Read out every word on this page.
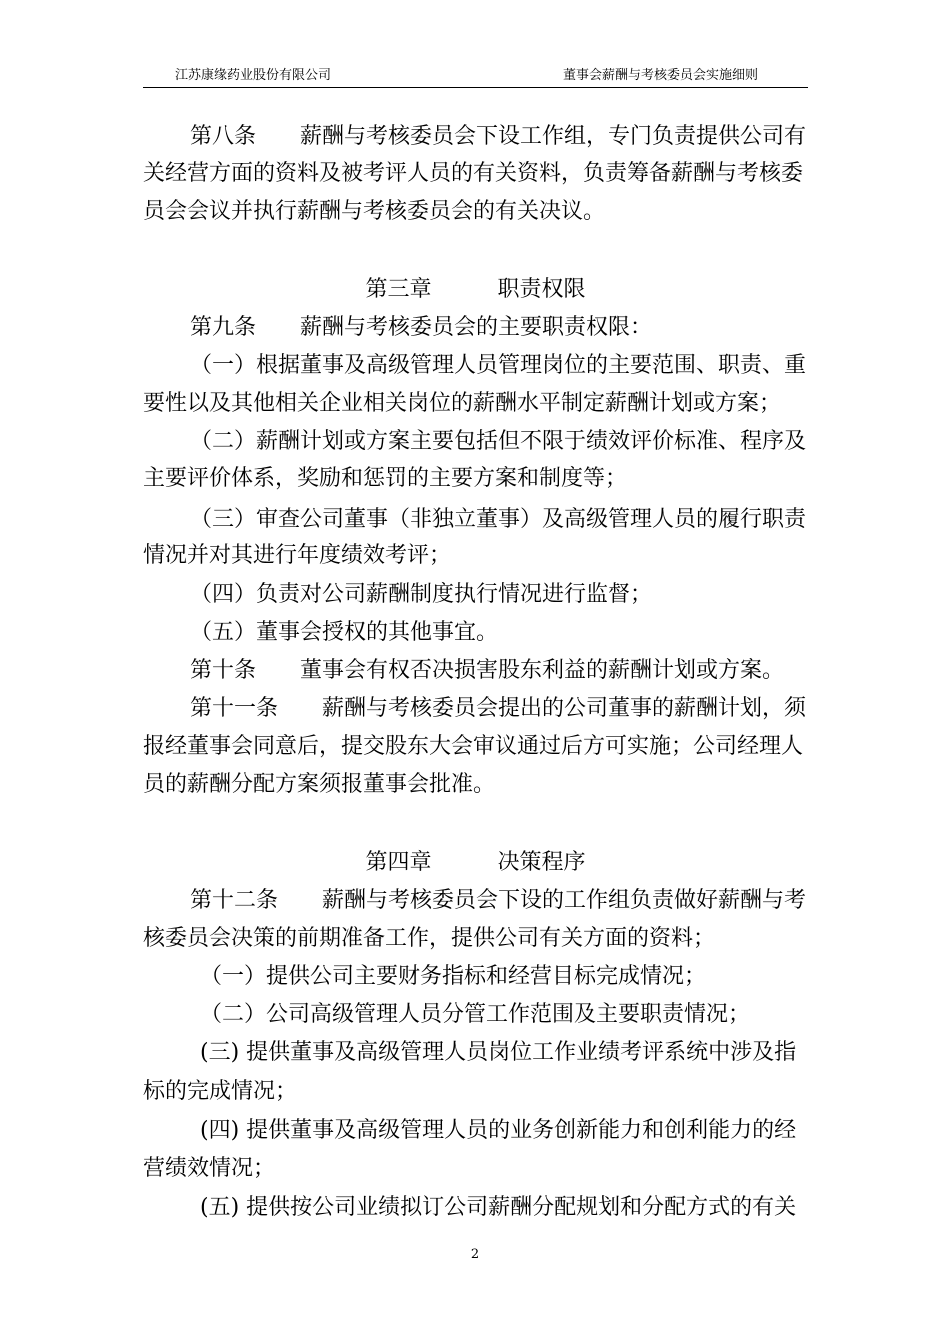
江苏康缘药业股份有限公司	董事会薪酬与考核委员会实施细则
第八条　　薪酬与考核委员会下设工作组，专门负责提供公司有
关经营方面的资料及被考评人员的有关资料，负责筹备薪酬与考核委
员会会议并执行薪酬与考核委员会的有关决议。
第三章　　　职责权限
第九条　　薪酬与考核委员会的主要职责权限：
（一）根据董事及高级管理人员管理岗位的主要范围、职责、重
要性以及其他相关企业相关岗位的薪酬水平制定薪酬计划或方案；
（二）薪酬计划或方案主要包括但不限于绩效评价标准、程序及
主要评价体系，奖励和惩罚的主要方案和制度等；
（三）审查公司董事（非独立董事）及高级管理人员的履行职责
情况并对其进行年度绩效考评；
（四）负责对公司薪酬制度执行情况进行监督；
（五）董事会授权的其他事宜。
第十条　　董事会有权否决损害股东利益的薪酬计划或方案。
第十一条　　薪酬与考核委员会提出的公司董事的薪酬计划，须
报经董事会同意后，提交股东大会审议通过后方可实施；公司经理人
员的薪酬分配方案须报董事会批准。
第四章　　　决策程序
第十二条　　薪酬与考核委员会下设的工作组负责做好薪酬与考
核委员会决策的前期准备工作，提供公司有关方面的资料；
（一）提供公司主要财务指标和经营目标完成情况；
（二）公司高级管理人员分管工作范围及主要职责情况；
(三) 提供董事及高级管理人员岗位工作业绩考评系统中涉及指
标的完成情况；
(四) 提供董事及高级管理人员的业务创新能力和创利能力的经
营绩效情况；
(五) 提供按公司业绩拟订公司薪酬分配规划和分配方式的有关
2
